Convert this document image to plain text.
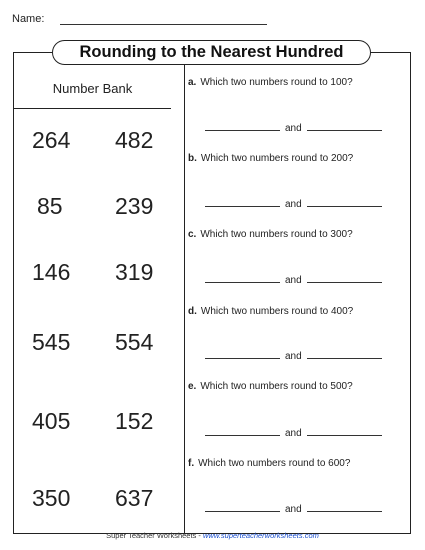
Name:
Number Bank
264 482
85 239
146 319
545 554
405 152
350 637
Rounding to the Nearest Hundred
a. Which two numbers round to 100?
and
b. Which two numbers round to 200?
and
c. Which two numbers round to 300?
and
d. Which two numbers round to 400?
and
e. Which two numbers round to 500?
and
f. Which two numbers round to 600?
and
Super Teacher Worksheets - www.superteacherworksheets.com
